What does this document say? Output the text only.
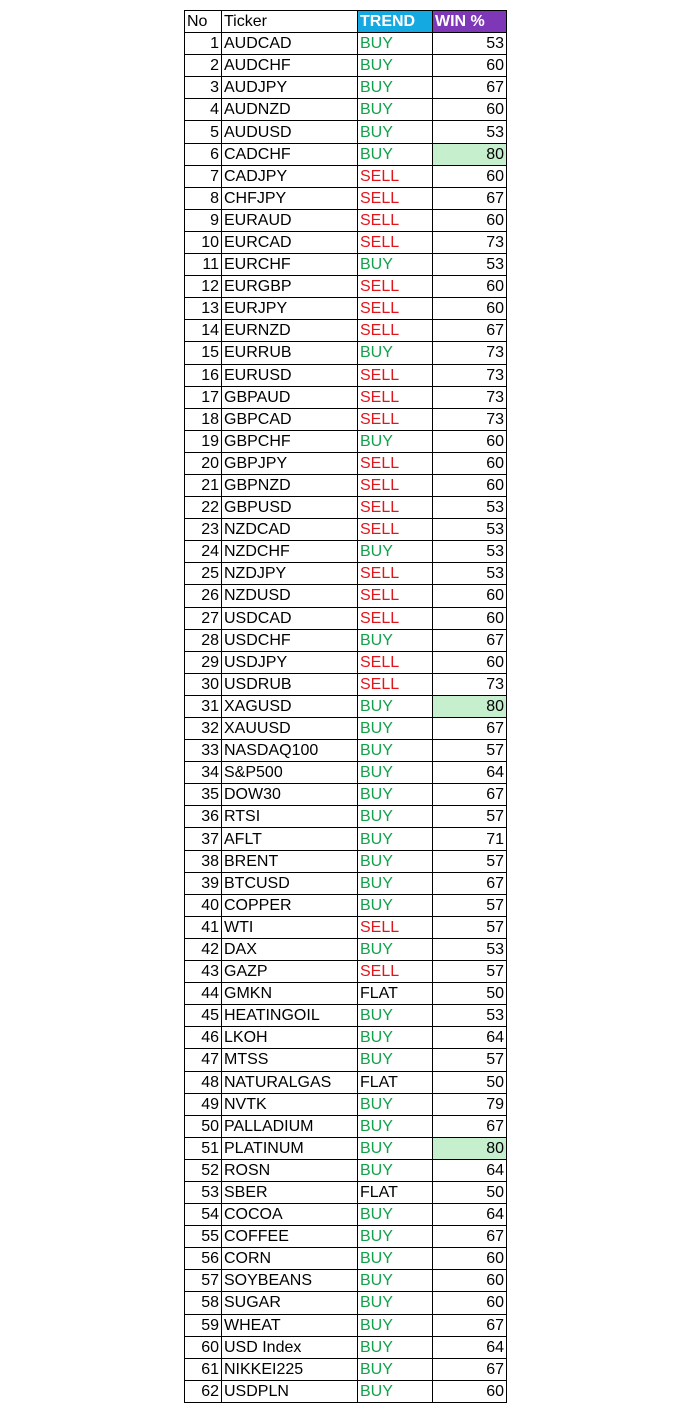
No	Ticker	TREND	WIN %
1	AUDCAD	BUY	53
2	AUDCHF	BUY	60
3	AUDJPY	BUY	67
4	AUDNZD	BUY	60
5	AUDUSD	BUY	53
6	CADCHF	BUY	80
7	CADJPY	SELL	60
8	CHFJPY	SELL	67
9	EURAUD	SELL	60
10	EURCAD	SELL	73
11	EURCHF	BUY	53
12	EURGBP	SELL	60
13	EURJPY	SELL	60
14	EURNZD	SELL	67
15	EURRUB	BUY	73
16	EURUSD	SELL	73
17	GBPAUD	SELL	73
18	GBPCAD	SELL	73
19	GBPCHF	BUY	60
20	GBPJPY	SELL	60
21	GBPNZD	SELL	60
22	GBPUSD	SELL	53
23	NZDCAD	SELL	53
24	NZDCHF	BUY	53
25	NZDJPY	SELL	53
26	NZDUSD	SELL	60
27	USDCAD	SELL	60
28	USDCHF	BUY	67
29	USDJPY	SELL	60
30	USDRUB	SELL	73
31	XAGUSD	BUY	80
32	XAUUSD	BUY	67
33	NASDAQ100	BUY	57
34	S&P500	BUY	64
35	DOW30	BUY	67
36	RTSI	BUY	57
37	AFLT	BUY	71
38	BRENT	BUY	57
39	BTCUSD	BUY	67
40	COPPER	BUY	57
41	WTI	SELL	57
42	DAX	BUY	53
43	GAZP	SELL	57
44	GMKN	FLAT	50
45	HEATINGOIL	BUY	53
46	LKOH	BUY	64
47	MTSS	BUY	57
48	NATURALGAS	FLAT	50
49	NVTK	BUY	79
50	PALLADIUM	BUY	67
51	PLATINUM	BUY	80
52	ROSN	BUY	64
53	SBER	FLAT	50
54	COCOA	BUY	64
55	COFFEE	BUY	67
56	CORN	BUY	60
57	SOYBEANS	BUY	60
58	SUGAR	BUY	60
59	WHEAT	BUY	67
60	USD Index	BUY	64
61	NIKKEI225	BUY	67
62	USDPLN	BUY	60
